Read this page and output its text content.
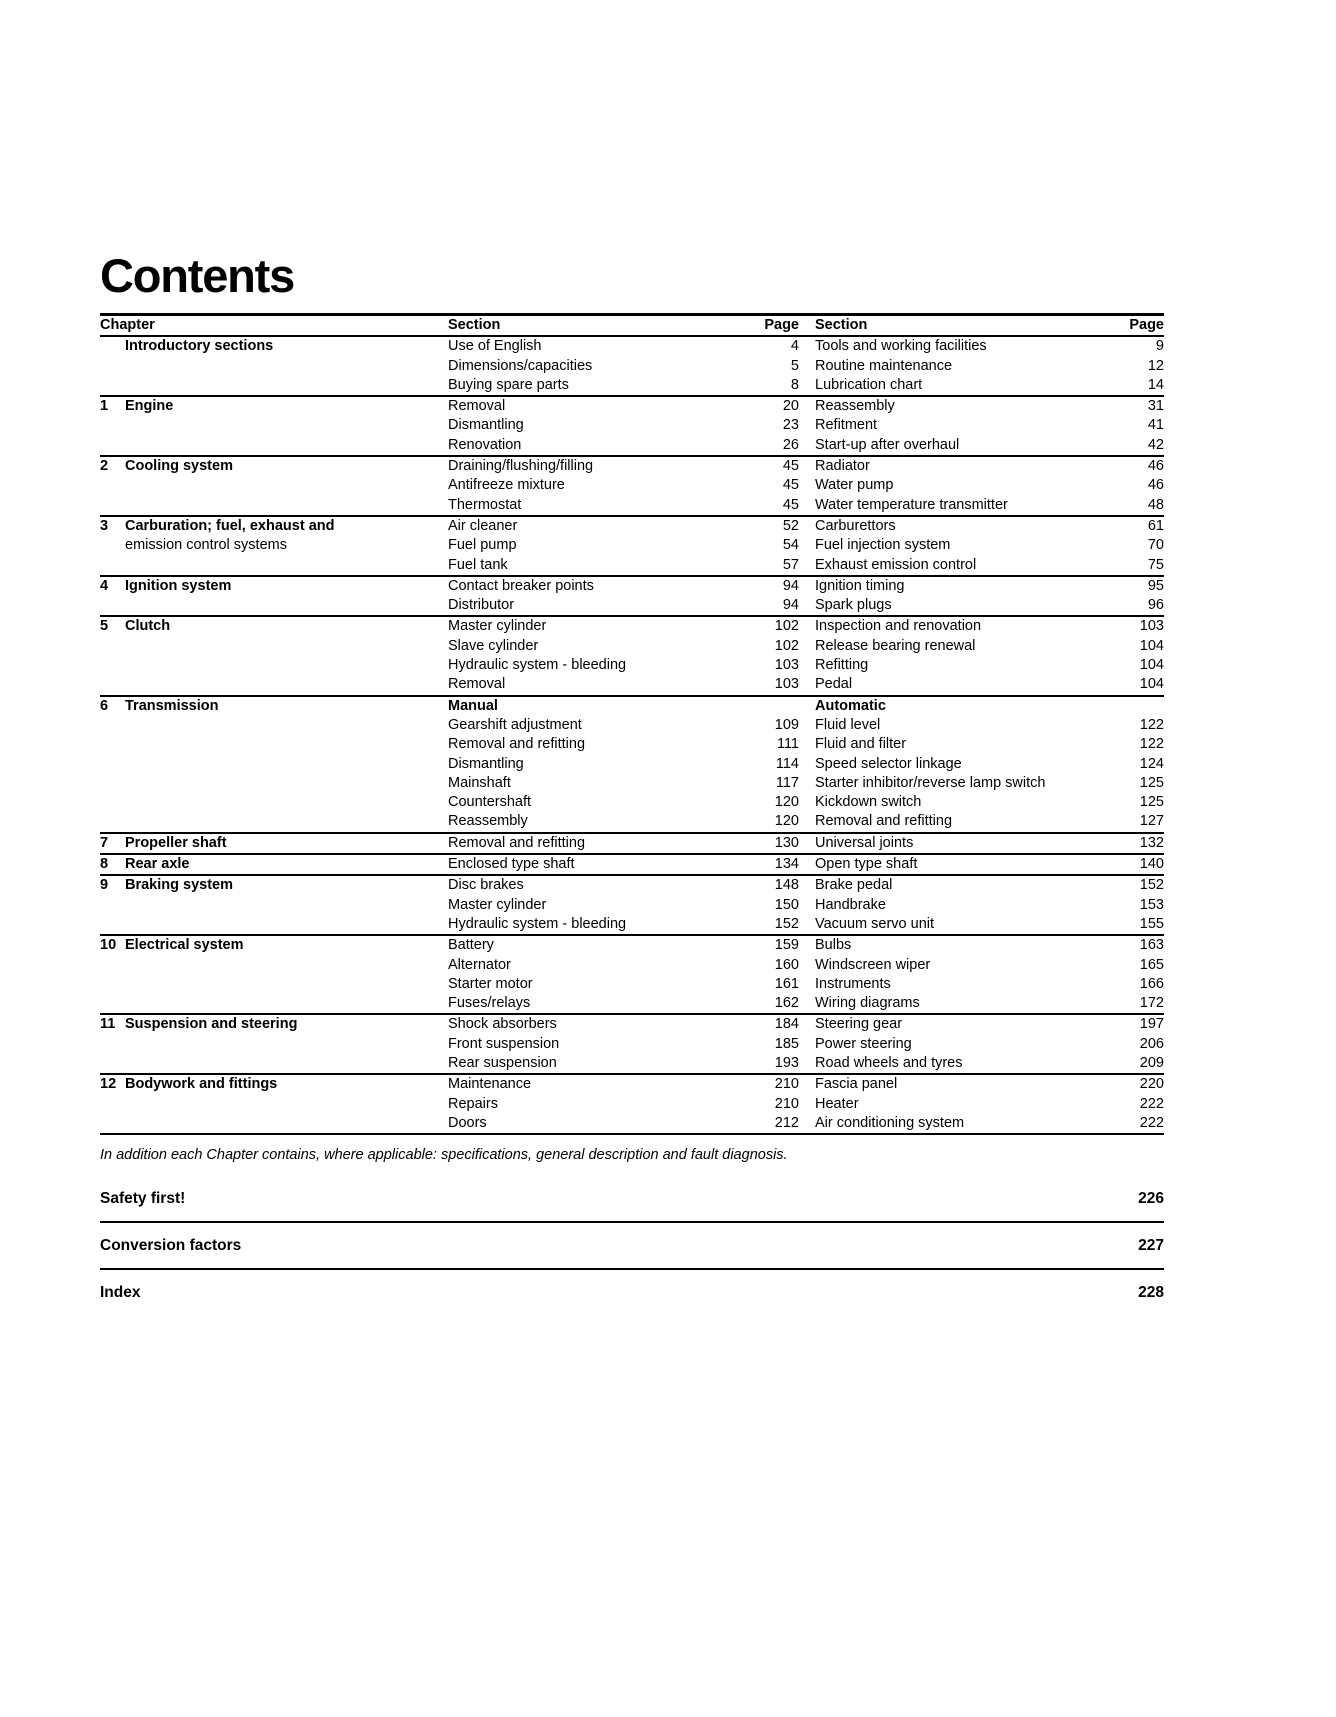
Contents
Chapter	Section	Page	Section	Page

Introductory sections	Use of English	4	Tools and working facilities	9
	Dimensions/capacities	5	Routine maintenance	12
	Buying spare parts	8	Lubrication chart	14

1 Engine	Removal	20	Reassembly	31
	Dismantling	23	Refitment	41
	Renovation	26	Start-up after overhaul	42

2 Cooling system	Draining/flushing/filling	45	Radiator	46
	Antifreeze mixture	45	Water pump	46
	Thermostat	45	Water temperature transmitter	48

3 Carburation; fuel, exhaust and	Air cleaner	52	Carburettors	61
emission control systems	Fuel pump	54	Fuel injection system	70
	Fuel tank	57	Exhaust emission control	75

4 Ignition system	Contact breaker points	94	Ignition timing	95
	Distributor	94	Spark plugs	96

5 Clutch	Master cylinder	102	Inspection and renovation	103
	Slave cylinder	102	Release bearing renewal	104
	Hydraulic system - bleeding	103	Refitting	104
	Removal	103	Pedal	104

6 Transmission	Manual		Automatic	
	Gearshift adjustment	109	Fluid level	122
	Removal and refitting	111	Fluid and filter	122
	Dismantling	114	Speed selector linkage	124
	Mainshaft	117	Starter inhibitor/reverse lamp switch	125
	Countershaft	120	Kickdown switch	125
	Reassembly	120	Removal and refitting	127

7 Propeller shaft	Removal and refitting	130	Universal joints	132

8 Rear axle	Enclosed type shaft	134	Open type shaft	140

9 Braking system	Disc brakes	148	Brake pedal	152
	Master cylinder	150	Handbrake	153
	Hydraulic system - bleeding	152	Vacuum servo unit	155

10 Electrical system	Battery	159	Bulbs	163
	Alternator	160	Windscreen wiper	165
	Starter motor	161	Instruments	166
	Fuses/relays	162	Wiring diagrams	172

11 Suspension and steering	Shock absorbers	184	Steering gear	197
	Front suspension	185	Power steering	206
	Rear suspension	193	Road wheels and tyres	209

12 Bodywork and fittings	Maintenance	210	Fascia panel	220
	Repairs	210	Heater	222
	Doors	212	Air conditioning system	222
In addition each Chapter contains, where applicable: specifications, general description and fault diagnosis.
Safety first!	226

Conversion factors	227

Index	228
